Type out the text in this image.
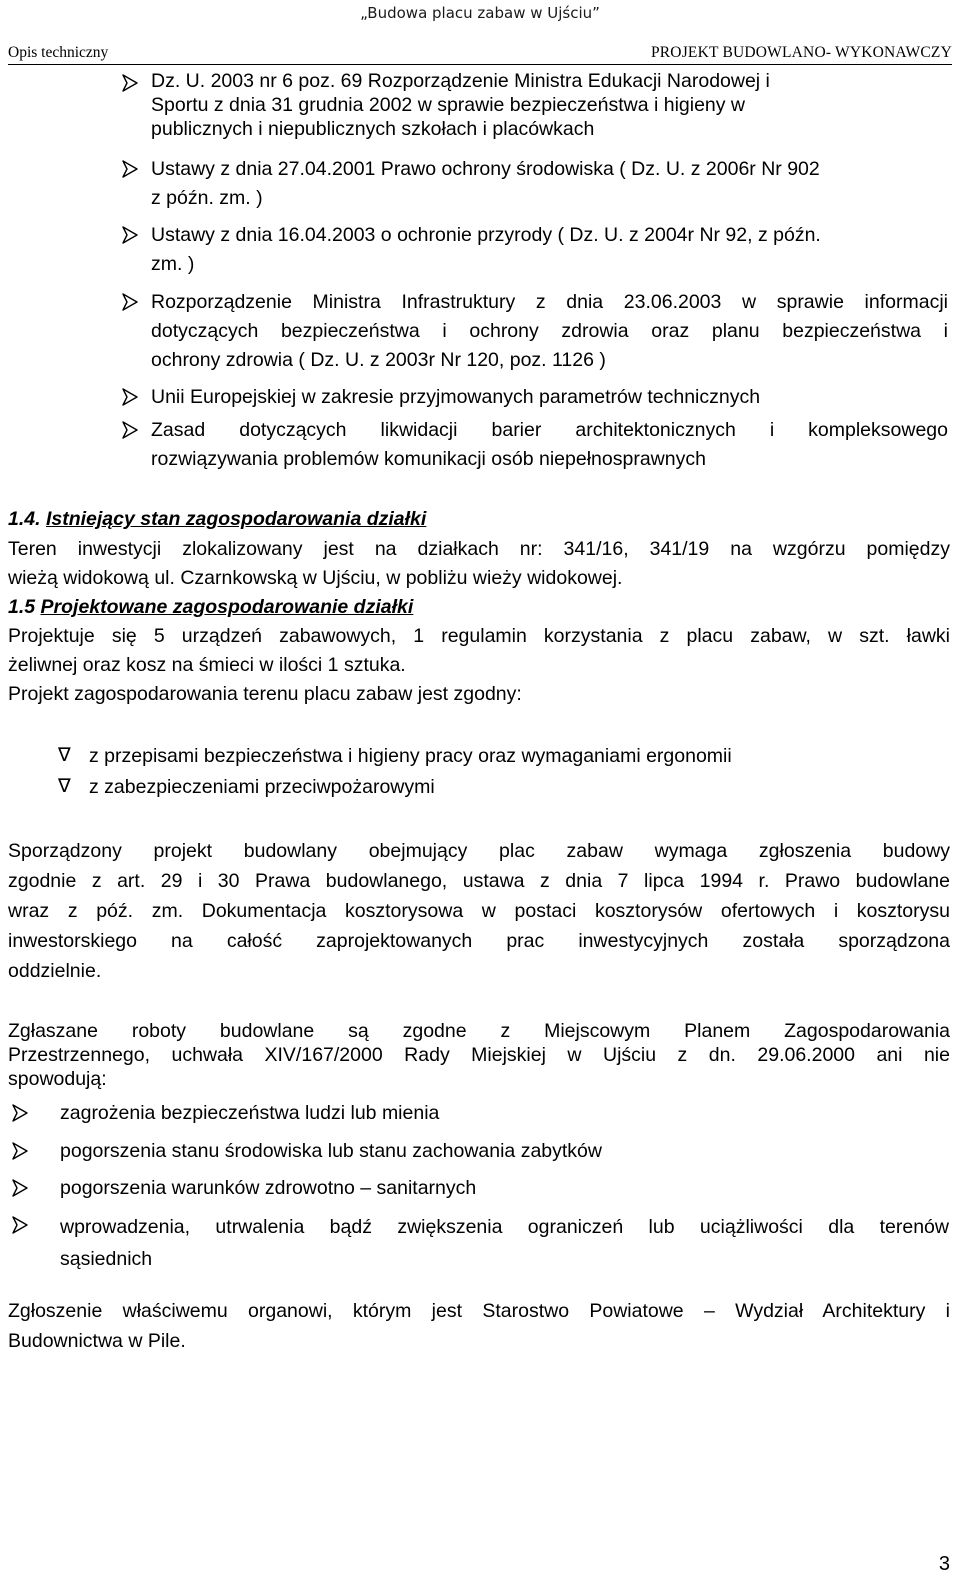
„Budowa placu zabaw w Ujściu”
Opis techniczny	PROJEKT BUDOWLANO- WYKONAWCZY
Dz. U. 2003 nr 6 poz. 69 Rozporządzenie Ministra Edukacji Narodowej i
Sportu z dnia 31 grudnia 2002 w sprawie bezpieczeństwa i higieny w
publicznych i niepublicznych szkołach i placówkach
Ustawy z dnia 27.04.2001 Prawo ochrony środowiska ( Dz. U. z 2006r Nr 902
z późn. zm. )
Ustawy z dnia 16.04.2003 o ochronie przyrody ( Dz. U. z 2004r Nr 92, z późn.
zm. )
Rozporządzenie Ministra Infrastruktury z dnia 23.06.2003 w sprawie informacji
dotyczących bezpieczeństwa i ochrony zdrowia oraz planu bezpieczeństwa i
ochrony zdrowia ( Dz. U. z 2003r Nr 120, poz. 1126 )
Unii Europejskiej w zakresie przyjmowanych parametrów technicznych
Zasad dotyczących likwidacji barier architektonicznych i kompleksowego
rozwiązywania problemów komunikacji osób niepełnosprawnych
1.4. Istniejący stan zagospodarowania działki
Teren inwestycji zlokalizowany jest na działkach nr: 341/16, 341/19 na wzgórzu pomiędzy
wieżą widokową ul. Czarnkowską w Ujściu, w pobliżu wieży widokowej.
1.5 Projektowane zagospodarowanie działki
Projektuje się 5 urządzeń zabawowych, 1 regulamin korzystania z placu zabaw, w szt. ławki
żeliwnej oraz kosz na śmieci w ilości 1 sztuka.
Projekt zagospodarowania terenu placu zabaw jest zgodny:
∇ z przepisami bezpieczeństwa i higieny pracy oraz wymaganiami ergonomii
∇ z zabezpieczeniami przeciwpożarowymi
Sporządzony projekt budowlany obejmujący plac zabaw wymaga zgłoszenia budowy
zgodnie z art. 29 i 30 Prawa budowlanego, ustawa z dnia 7 lipca 1994 r. Prawo budowlane
wraz z póź. zm. Dokumentacja kosztorysowa w postaci kosztorysów ofertowych i kosztorysu
inwestorskiego na całość zaprojektowanych prac inwestycyjnych została sporządzona
oddzielnie.
Zgłaszane roboty budowlane są zgodne z Miejscowym Planem Zagospodarowania
Przestrzennego, uchwała XIV/167/2000 Rady Miejskiej w Ujściu z dn. 29.06.2000 ani nie
spowodują:
zagrożenia bezpieczeństwa ludzi lub mienia
pogorszenia stanu środowiska lub stanu zachowania zabytków
pogorszenia warunków zdrowotno – sanitarnych
wprowadzenia, utrwalenia bądź zwiększenia ograniczeń lub uciążliwości dla terenów
sąsiednich
Zgłoszenie właściwemu organowi, którym jest Starostwo Powiatowe – Wydział Architektury i
Budownictwa w Pile.
3
